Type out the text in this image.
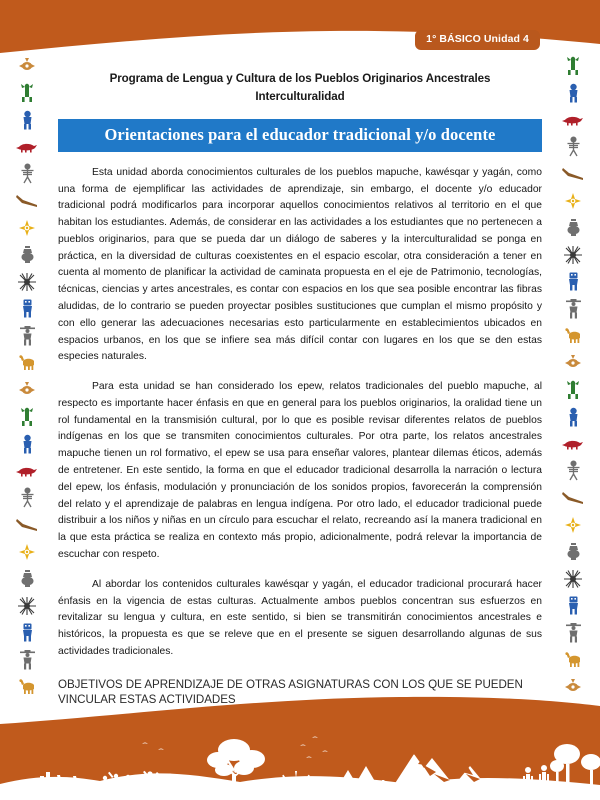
1° BÁSICO Unidad 4
Programa de Lengua y Cultura de los Pueblos Originarios Ancestrales
Interculturalidad
Orientaciones para el educador tradicional y/o docente

Esta unidad aborda conocimientos culturales de los pueblos mapuche, kawésqar y yagán, como una forma de ejemplificar las actividades de aprendizaje, sin embargo, el docente y/o educador tradicional podrá modificarlos para incorporar aquellos conocimientos relativos al territorio en el que habitan los estudiantes. Además, de considerar en las actividades a los estudiantes que no pertenecen a pueblos originarios, para que se pueda dar un diálogo de saberes y la interculturalidad se ponga en práctica, en la diversidad de culturas coexistentes en el espacio escolar, otra consideración a tener en cuenta al momento de planificar la actividad de caminata propuesta en el eje de Patrimonio, tecnologías, técnicas, ciencias y artes ancestrales, es contar con espacios en los que sea posible encontrar las fibras aludidas, de lo contrario se pueden proyectar posibles sustituciones que cumplan el mismo propósito y con ello generar las adecuaciones necesarias esto particularmente en establecimientos ubicados en espacios urbanos, en los que se infiere sea más difícil contar con lugares en los que se den estas especies naturales.

Para esta unidad se han considerado los epew, relatos tradicionales del pueblo mapuche, al respecto es importante hacer énfasis en que en general para los pueblos originarios, la oralidad tiene un rol fundamental en la transmisión cultural, por lo que es posible revisar diferentes relatos de pueblos indígenas en los que se transmiten conocimientos culturales. Por otra parte, los relatos ancestrales mapuche tienen un rol formativo, el epew se usa para enseñar valores, plantear dilemas éticos, además de entretener. En este sentido, la forma en que el educador tradicional desarrolla la narración o lectura del epew, los énfasis, modulación y pronunciación de los sonidos propios, favorecerán la comprensión del relato y el aprendizaje de palabras en lengua indígena. Por otro lado, el educador tradicional puede distribuir a los niños y niñas en un círculo para escuchar el relato, recreando así la manera tradicional en la que esta práctica se realiza en contexto más propio, adicionalmente, podrá relevar la importancia de escuchar con respeto.

Al abordar los contenidos culturales kawésqar y yagán, el educador tradicional procurará hacer énfasis en la vigencia de estas culturas. Actualmente ambos pueblos concentran sus esfuerzos en revitalizar su lengua y cultura, en este sentido, si bien se transmitirán conocimientos ancestrales e históricos, la propuesta es que se releve que en el presente se siguen desarrollando algunas de sus actividades tradicionales.

OBJETIVOS DE APRENDIZAJE DE OTRAS ASIGNATURAS CON LOS QUE SE PUEDEN VINCULAR ESTAS ACTIVIDADES
